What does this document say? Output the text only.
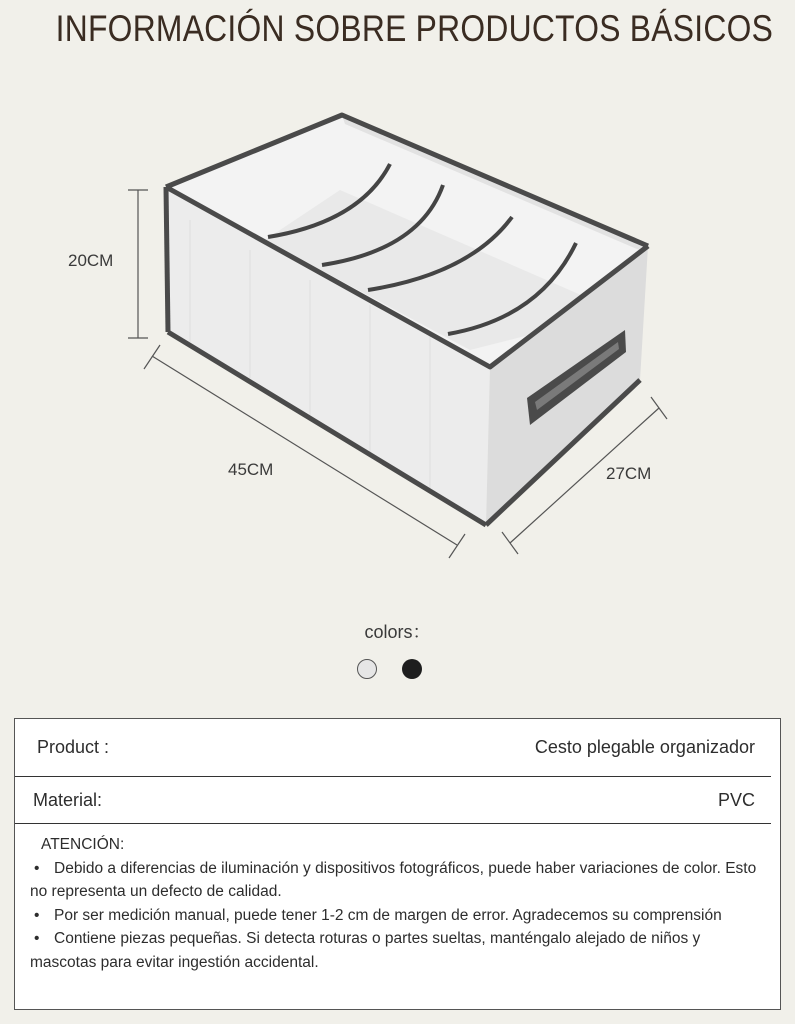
INFORMACIÓN SOBRE PRODUCTOS BÁSICOS
20CM
45CM	27CM
colors：
Product :	Cesto plegable organizador
Material:	PVC
ATENCIÓN:
• Debido a diferencias de iluminación y dispositivos fotográficos, puede haber variaciones de color. Esto no representa un defecto de calidad.
• Por ser medición manual, puede tener 1-2 cm de margen de error. Agradecemos su comprensión
• Contiene piezas pequeñas. Si detecta roturas o partes sueltas, manténgalo alejado de niños y mascotas para evitar ingestión accidental.
